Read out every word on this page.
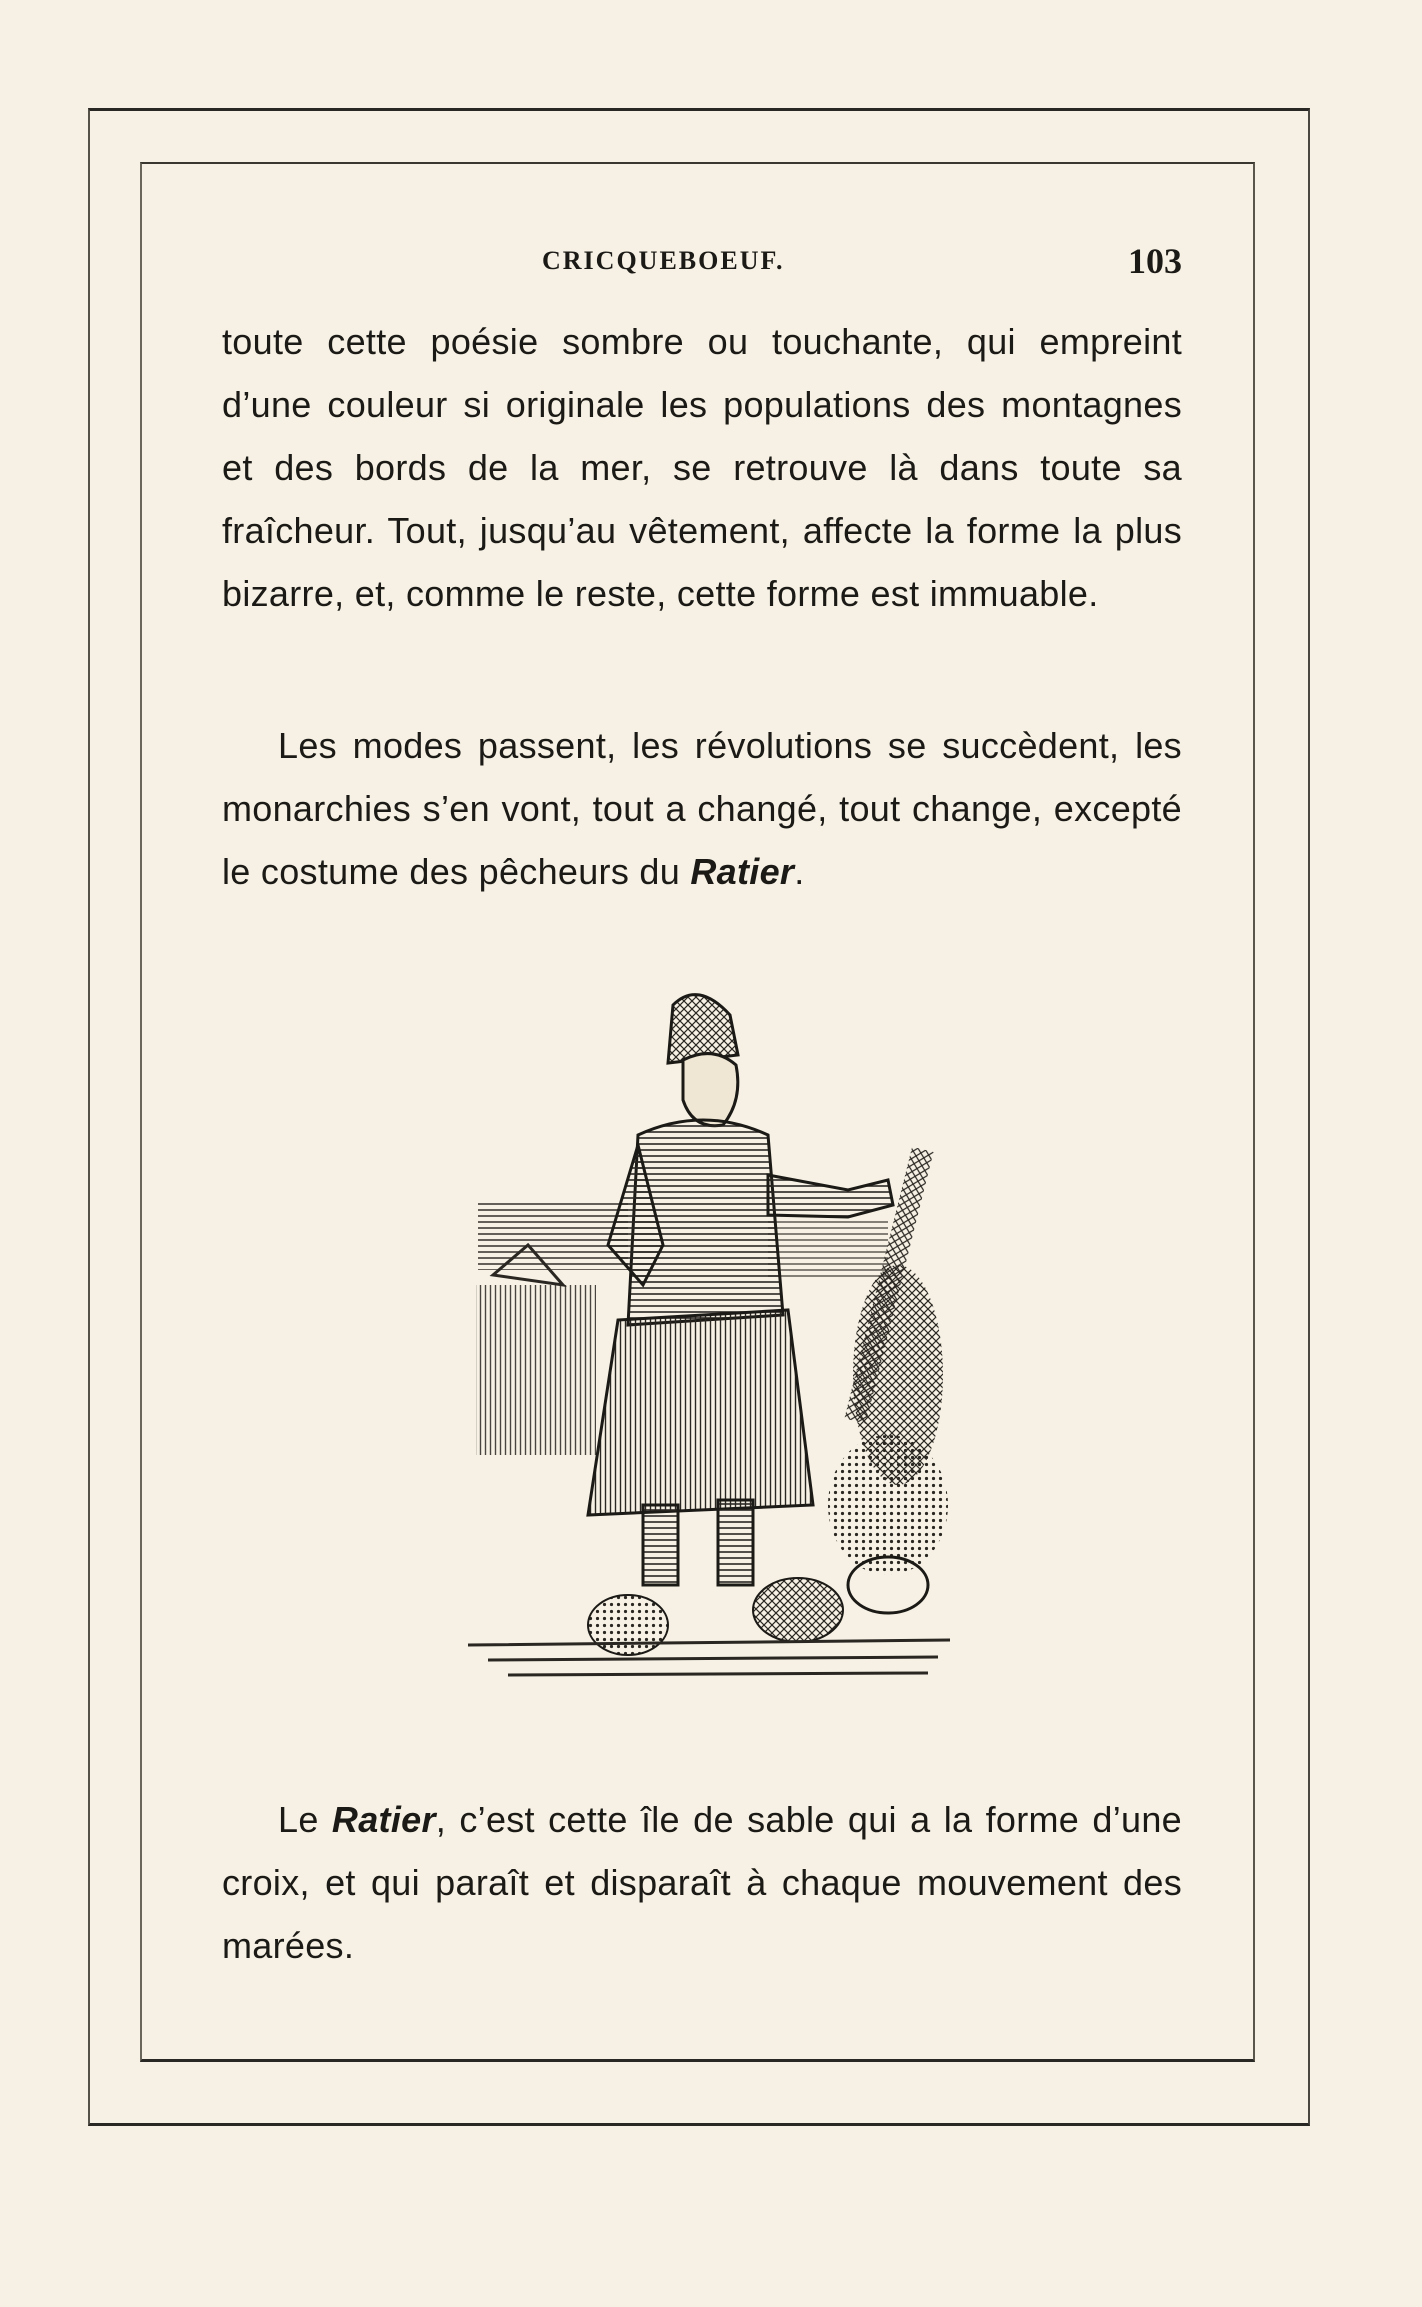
CRICQUEBOEUF.	103

toute cette poésie sombre ou touchante, qui empreint d’une couleur si originale les populations des montagnes et des bords de la mer, se retrouve là dans toute sa fraîcheur. Tout, jusqu’au vêtement, affecte la forme la plus bizarre, et, comme le reste, cette forme est immuable.

Les modes passent, les révolutions se succèdent, les monarchies s’en vont, tout a changé, tout change, excepté le costume des pêcheurs du Ratier.

Le Ratier, c’est cette île de sable qui a la forme d’une croix, et qui paraît et disparaît à chaque mouvement des marées.
